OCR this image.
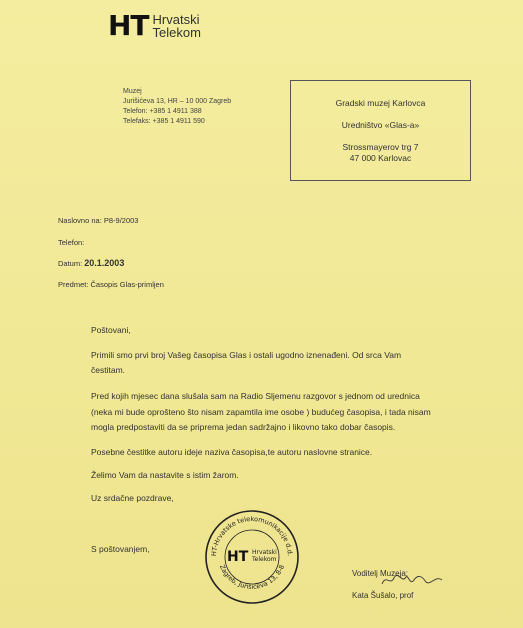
HT Hrvatski
Telekom
Muzej
Jurišićeva 13, HR – 10 000 Zagreb
Telefon: +385 1 4911 388
Telefaks: +385 1 4911 590
Gradski muzej Karlovca
Uredništvo «Glas-a»
Strossmayerov trg 7
47 000 Karlovac
Naslovno na: P8-9/2003
Telefon:
Datum: 20.1.2003
Predmet: Časopis Glas-primljen

Poštovani,

Primili smo prvi broj Vašeg časopisa Glas i ostali ugodno iznenađeni. Od srca Vam čestitam.

Pred kojih mjesec dana slušala sam na Radio Sljemenu razgovor s jednom od urednica (neka mi bude oprošteno što nisam zapamtila ime osobe ) budućeg časopisa, i tada nisam mogla predpostaviti da se priprema jedan sadržajno i likovno tako dobar časopis.

Posebne čestitke autoru ideje naziva časopisa,te autoru naslovne stranice.

Želimo Vam da nastavite s istim žarom.

Uz srdačne pozdrave,

S poštovanjem,	HT-Hrvatske telekomunikacije d.d.
Zagreb, Jurišićeva 13, 8-8
HT Hrvatski
Telekom
Voditelj Muzeja:
Kata Šušalo, prof
